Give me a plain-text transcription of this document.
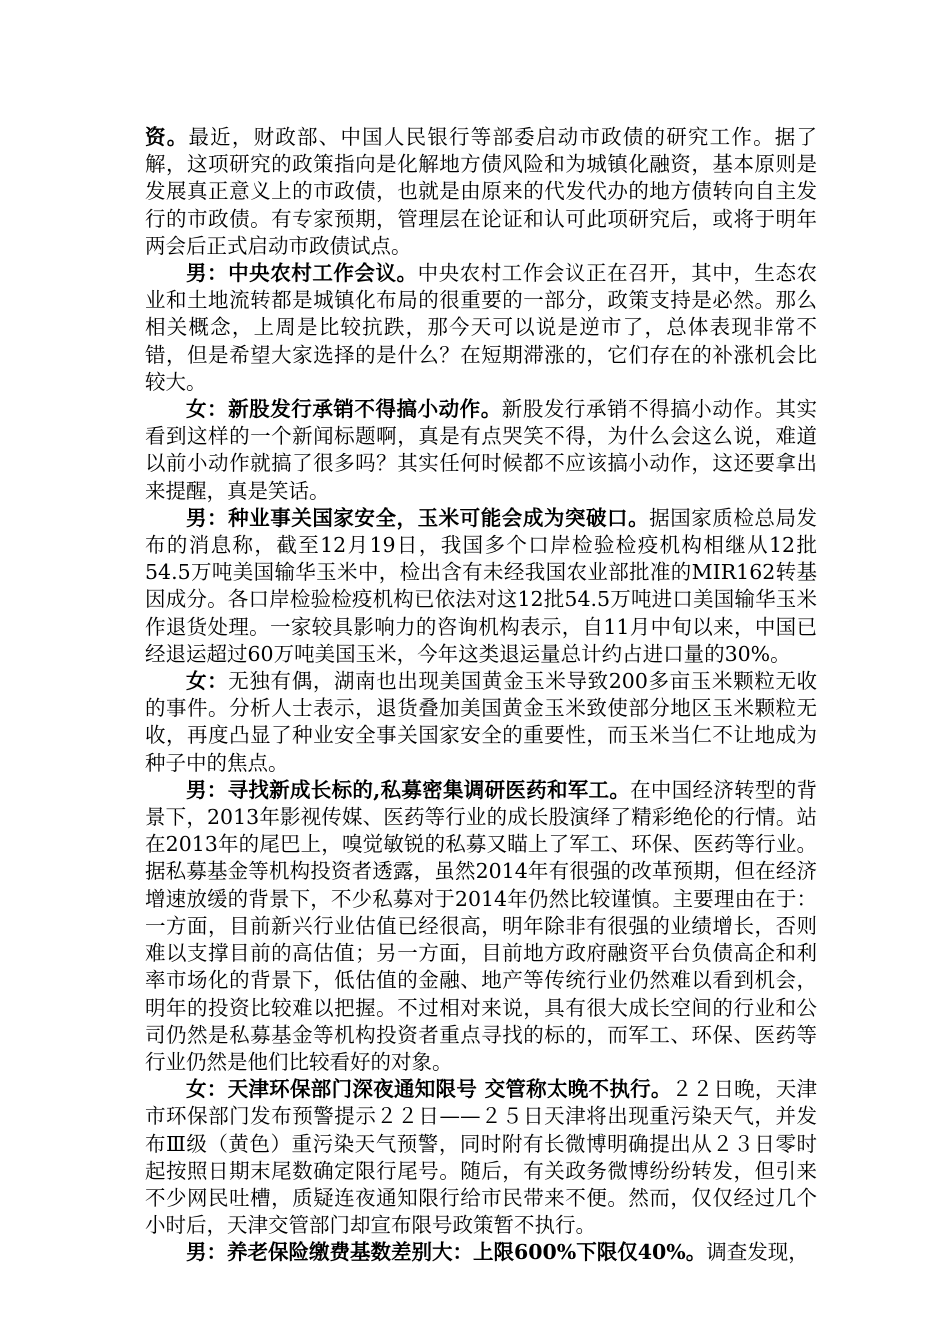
资。最近，财政部、中国人民银行等部委启动市政债的研究工作。据了解，这项研究的政策指向是化解地方债风险和为城镇化融资，基本原则是发展真正意义上的市政债，也就是由原来的代发代办的地方债转向自主发行的市政债。有专家预期，管理层在论证和认可此项研究后，或将于明年两会后正式启动市政债试点。

男：中央农村工作会议。中央农村工作会议正在召开，其中，生态农业和土地流转都是城镇化布局的很重要的一部分，政策支持是必然。那么相关概念，上周是比较抗跌，那今天可以说是逆市了，总体表现非常不错，但是希望大家选择的是什么？在短期滞涨的，它们存在的补涨机会比较大。

女：新股发行承销不得搞小动作。新股发行承销不得搞小动作。其实看到这样的一个新闻标题啊，真是有点哭笑不得，为什么会这么说，难道以前小动作就搞了很多吗？其实任何时候都不应该搞小动作，这还要拿出来提醒，真是笑话。

男：种业事关国家安全，玉米可能会成为突破口。据国家质检总局发布的消息称，截至12月19日，我国多个口岸检验检疫机构相继从12批54.5万吨美国输华玉米中，检出含有未经我国农业部批准的MIR162转基因成分。各口岸检验检疫机构已依法对这12批54.5万吨进口美国输华玉米作退货处理。一家较具影响力的咨询机构表示，自11月中旬以来，中国已经退运超过60万吨美国玉米，今年这类退运量总计约占进口量的30%。

女：无独有偶，湖南也出现美国黄金玉米导致200多亩玉米颗粒无收的事件。分析人士表示，退货叠加美国黄金玉米致使部分地区玉米颗粒无收，再度凸显了种业安全事关国家安全的重要性，而玉米当仁不让地成为种子中的焦点。

男：寻找新成长标的,私募密集调研医药和军工。在中国经济转型的背景下，2013年影视传媒、医药等行业的成长股演绎了精彩绝伦的行情。站在2013年的尾巴上，嗅觉敏锐的私募又瞄上了军工、环保、医药等行业。据私募基金等机构投资者透露，虽然2014年有很强的改革预期，但在经济增速放缓的背景下，不少私募对于2014年仍然比较谨慎。主要理由在于：一方面，目前新兴行业估值已经很高，明年除非有很强的业绩增长，否则难以支撑目前的高估值；另一方面，目前地方政府融资平台负债高企和利率市场化的背景下，低估值的金融、地产等传统行业仍然难以看到机会，明年的投资比较难以把握。不过相对来说，具有很大成长空间的行业和公司仍然是私募基金等机构投资者重点寻找的标的，而军工、环保、医药等行业仍然是他们比较看好的对象。

女：天津环保部门深夜通知限号 交管称太晚不执行。２２日晚，天津市环保部门发布预警提示２２日——２５日天津将出现重污染天气，并发布Ⅲ级（黄色）重污染天气预警，同时附有长微博明确提出从２３日零时起按照日期末尾数确定限行尾号。随后，有关政务微博纷纷转发，但引来不少网民吐槽，质疑连夜通知限行给市民带来不便。然而，仅仅经过几个小时后，天津交管部门却宣布限号政策暂不执行。

男：养老保险缴费基数差别大：上限600%下限仅40%。调查发现，
